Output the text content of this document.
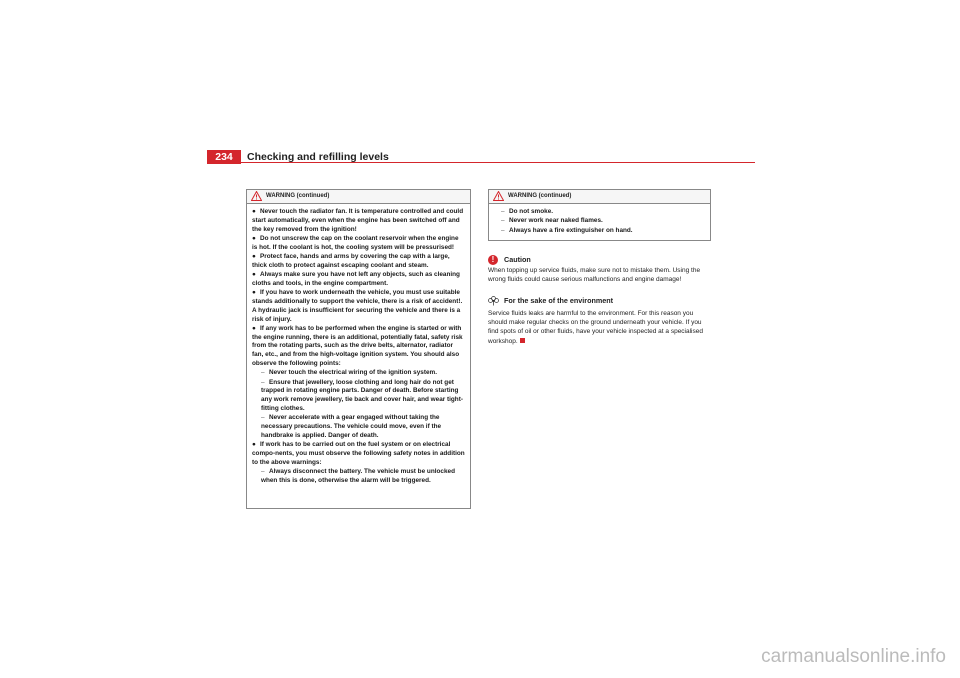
234	Checking and refilling levels
WARNING (continued)
● Never touch the radiator fan. It is temperature controlled and could start automatically, even when the engine has been switched off and the key removed from the ignition!
● Do not unscrew the cap on the coolant reservoir when the engine is hot. If the coolant is hot, the cooling system will be pressurised!
● Protect face, hands and arms by covering the cap with a large, thick cloth to protect against escaping coolant and steam.
● Always make sure you have not left any objects, such as cleaning cloths and tools, in the engine compartment.
● If you have to work underneath the vehicle, you must use suitable stands additionally to support the vehicle, there is a risk of accident!. A hydraulic jack is insufficient for securing the vehicle and there is a risk of injury.
● If any work has to be performed when the engine is started or with the engine running, there is an additional, potentially fatal, safety risk from the rotating parts, such as the drive belts, alternator, radiator fan, etc., and from the high-voltage ignition system. You should also observe the following points:
– Never touch the electrical wiring of the ignition system.
– Ensure that jewellery, loose clothing and long hair do not get trapped in rotating engine parts. Danger of death. Before starting any work remove jewellery, tie back and cover hair, and wear tight-fitting clothes.
– Never accelerate with a gear engaged without taking the necessary precautions. The vehicle could move, even if the handbrake is applied. Danger of death.
● If work has to be carried out on the fuel system or on electrical compo-nents, you must observe the following safety notes in addition to the above warnings:
– Always disconnect the battery. The vehicle must be unlocked when this is done, otherwise the alarm will be triggered.
WARNING (continued)
– Do not smoke.
– Never work near naked flames.
– Always have a fire extinguisher on hand.
! Caution
When topping up service fluids, make sure not to mistake them. Using the wrong fluids could cause serious malfunctions and engine damage!
For the sake of the environment
Service fluids leaks are harmful to the environment. For this reason you should make regular checks on the ground underneath your vehicle. If you find spots of oil or other fluids, have your vehicle inspected at a specialised workshop.
carmanualsonline.info
